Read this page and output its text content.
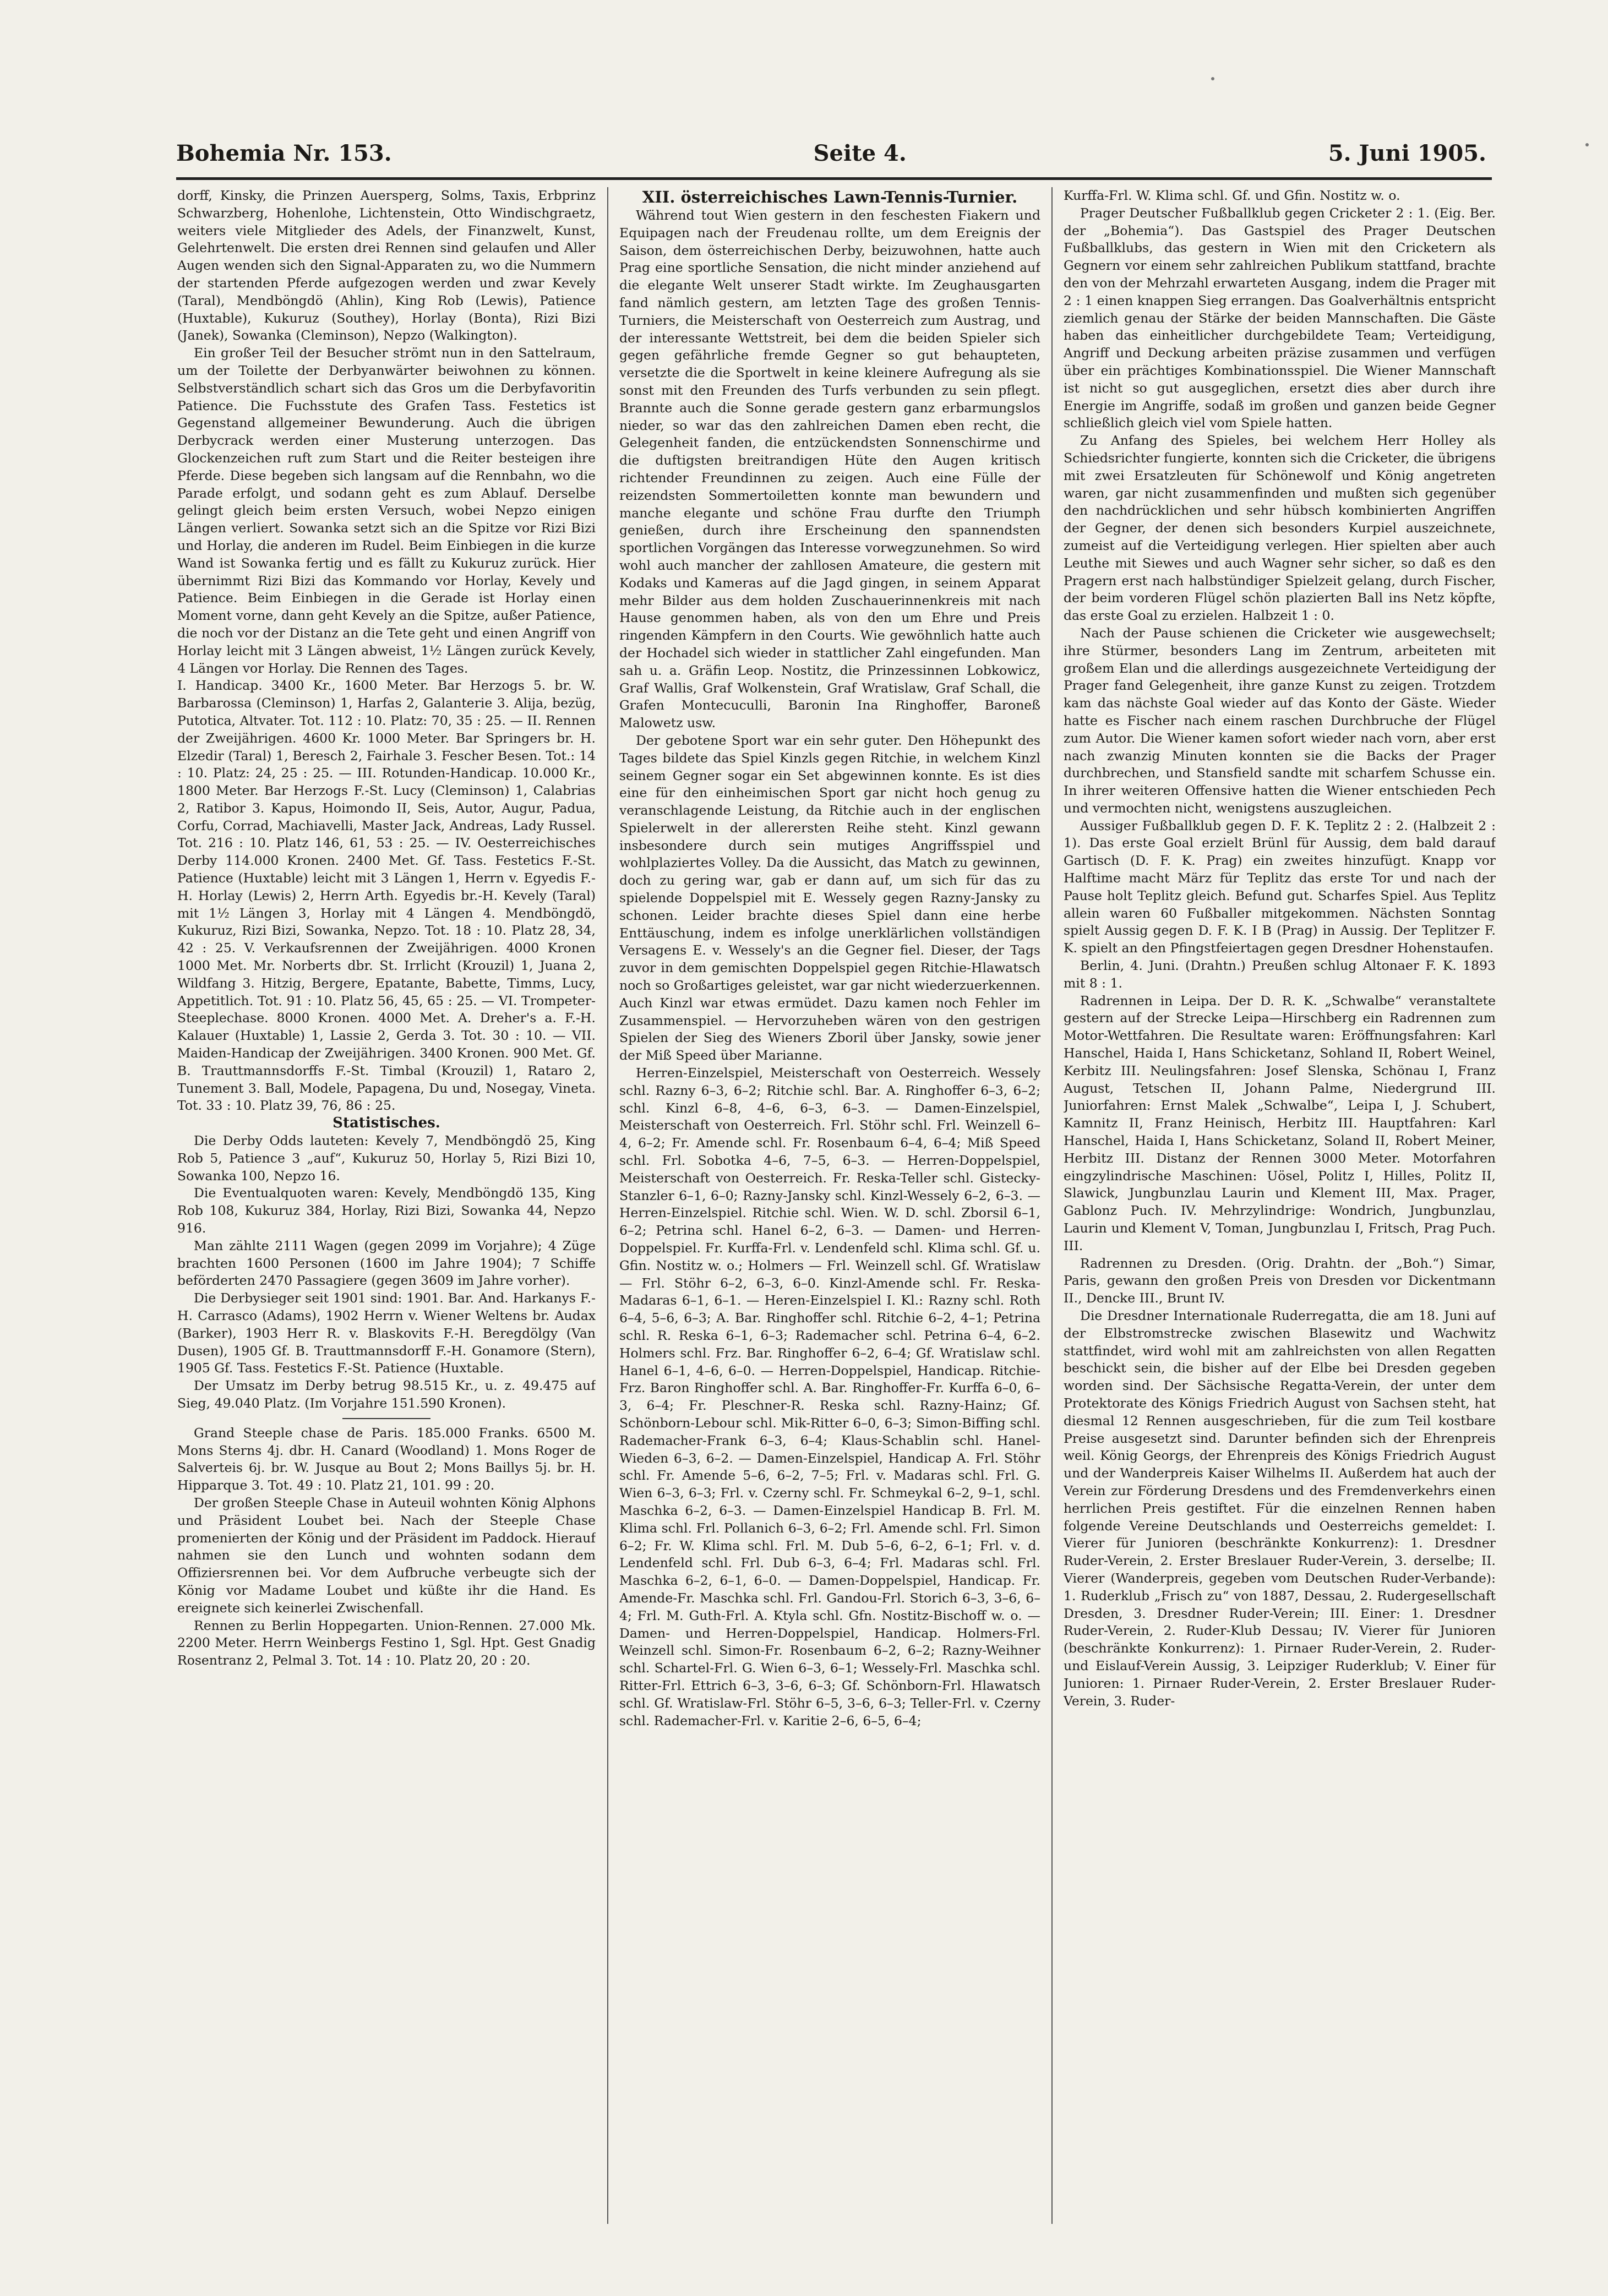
Bohemia Nr. 153.	Seite 4.	5. Juni 1905.

dorff, Kinsky, die Prinzen Auersperg, Solms, Taxis, Erbprinz Schwarzberg, Hohenlohe, Lichtenstein, Otto Windischgraetz, weiters viele Mitglieder des Adels, der Finanzwelt, Kunst, Gelehrtenwelt. Die ersten drei Rennen sind gelaufen und Aller Augen wenden sich den Signal-Apparaten zu, wo die Nummern der startenden Pferde aufgezogen werden und zwar Kevely (Taral), Mendböngdö (Ahlin), King Rob (Lewis), Patience (Huxtable), Kukuruz (Southey), Horlay (Bonta), Rizi Bizi (Janek), Sowanka (Cleminson), Nepzo (Walkington).

Ein großer Teil der Besucher strömt nun in den Sattelraum, um der Toilette der Derbyanwärter beiwohnen zu können. Selbstverständlich schart sich das Gros um die Derbyfavoritin Patience. Die Fuchsstute des Grafen Tass. Festetics ist Gegenstand allgemeiner Bewunderung. Auch die übrigen Derbycrack werden einer Musterung unterzogen. Das Glockenzeichen ruft zum Start und die Reiter besteigen ihre Pferde. Diese begeben sich langsam auf die Rennbahn, wo die Parade erfolgt, und sodann geht es zum Ablauf. Derselbe gelingt gleich beim ersten Versuch, wobei Nepzo einigen Längen verliert. Sowanka setzt sich an die Spitze vor Rizi Bizi und Horlay, die anderen im Rudel. Beim Einbiegen in die kurze Wand ist Sowanka fertig und es fällt zu Kukuruz zurück. Hier übernimmt Rizi Bizi das Kommando vor Horlay, Kevely und Patience. Beim Einbiegen in die Gerade ist Horlay einen Moment vorne, dann geht Kevely an die Spitze, außer Patience, die noch vor der Distanz an die Tete geht und einen Angriff von Horlay leicht mit 3 Längen abweist, 1½ Längen zurück Kevely, 4 Längen vor Horlay. Die Rennen des Tages.

I. Handicap. 3400 Kr., 1600 Meter. Bar Herzogs 5. br. W. Barbarossa (Cleminson) 1, Harfas 2, Galanterie 3. Alija, bezüg, Putotica, Altvater. Tot. 112 : 10. Platz: 70, 35 : 25. — II. Rennen der Zweijährigen. 4600 Kr. 1000 Meter. Bar Springers br. H. Elzedir (Taral) 1, Beresch 2, Fairhale 3. Fescher Besen. Tot.: 14 : 10. Platz: 24, 25 : 25. — III. Rotunden-Handicap. 10.000 Kr., 1800 Meter. Bar Herzogs F.-St. Lucy (Cleminson) 1, Calabrias 2, Ratibor 3. Kapus, Hoimondo II, Seis, Autor, Augur, Padua, Corfu, Corrad, Machiavelli, Master Jack, Andreas, Lady Russel. Tot. 216 : 10. Platz 146, 61, 53 : 25. — IV. Oesterreichisches Derby 114.000 Kronen. 2400 Met. Gf. Tass. Festetics F.-St. Patience (Huxtable) leicht mit 3 Längen 1, Herrn v. Egyedis F.-H. Horlay (Lewis) 2, Herrn Arth. Egyedis br.-H. Kevely (Taral) mit 1½ Längen 3, Horlay mit 4 Längen 4. Mendböngdö, Kukuruz, Rizi Bizi, Sowanka, Nepzo. Tot. 18 : 10. Platz 28, 34, 42 : 25. V. Verkaufsrennen der Zweijährigen. 4000 Kronen 1000 Met. Mr. Norberts dbr. St. Irrlicht (Krouzil) 1, Juana 2, Wildfang 3. Hitzig, Bergere, Epatante, Babette, Timms, Lucy, Appetitlich. Tot. 91 : 10. Platz 56, 45, 65 : 25. — VI. Trompeter-Steeplechase. 8000 Kronen. 4000 Met. A. Dreher's a. F.-H. Kalauer (Huxtable) 1, Lassie 2, Gerda 3. Tot. 30 : 10. — VII. Maiden-Handicap der Zweijährigen. 3400 Kronen. 900 Met. Gf. B. Trauttmannsdorffs F.-St. Timbal (Krouzil) 1, Rataro 2, Tunement 3. Ball, Modele, Papagena, Du und, Nosegay, Vineta. Tot. 33 : 10. Platz 39, 76, 86 : 25.

Statistisches.

Die Derby Odds lauteten: Kevely 7, Mendböngdö 25, King Rob 5, Patience 3 „auf“, Kukuruz 50, Horlay 5, Rizi Bizi 10, Sowanka 100, Nepzo 16.

Die Eventualquoten waren: Kevely, Mendböngdö 135, King Rob 108, Kukuruz 384, Horlay, Rizi Bizi, Sowanka 44, Nepzo 916.

Man zählte 2111 Wagen (gegen 2099 im Vorjahre); 4 Züge brachten 1600 Personen (1600 im Jahre 1904); 7 Schiffe beförderten 2470 Passagiere (gegen 3609 im Jahre vorher).

Die Derbysieger seit 1901 sind: 1901. Bar. And. Harkanys F.-H. Carrasco (Adams), 1902 Herrn v. Wiener Weltens br. Audax (Barker), 1903 Herr R. v. Blaskovits F.-H. Beregdölgy (Van Dusen), 1905 Gf. B. Trauttmannsdorff F.-H. Gonamore (Stern), 1905 Gf. Tass. Festetics F.-St. Patience (Huxtable.

Der Umsatz im Derby betrug 98.515 Kr., u. z. 49.475 auf Sieg, 49.040 Platz. (Im Vorjahre 151.590 Kronen).

Grand Steeple chase de Paris. 185.000 Franks. 6500 M. Mons Sterns 4j. dbr. H. Canard (Woodland) 1. Mons Roger de Salverteis 6j. br. W. Jusque au Bout 2; Mons Baillys 5j. br. H. Hipparque 3. Tot. 49 : 10. Platz 21, 101. 99 : 20.

Der großen Steeple Chase in Auteuil wohnten König Alphons und Präsident Loubet bei. Nach der Steeple Chase promenierten der König und der Präsident im Paddock. Hierauf nahmen sie den Lunch und wohnten sodann dem Offiziersrennen bei. Vor dem Aufbruche verbeugte sich der König vor Madame Loubet und küßte ihr die Hand. Es ereignete sich keinerlei Zwischenfall.

Rennen zu Berlin Hoppegarten. Union-Rennen. 27.000 Mk. 2200 Meter. Herrn Weinbergs Festino 1, Sgl. Hpt. Gest Gnadig Rosentranz 2, Pelmal 3. Tot. 14 : 10. Platz 20, 20 : 20.

XII. österreichisches Lawn-Tennis-Turnier.

Während tout Wien gestern in den feschesten Fiakern und Equipagen nach der Freudenau rollte, um dem Ereignis der Saison, dem österreichischen Derby, beizuwohnen, hatte auch Prag eine sportliche Sensation, die nicht minder anziehend auf die elegante Welt unserer Stadt wirkte. Im Zeughausgarten fand nämlich gestern, am letzten Tage des großen Tennis-Turniers, die Meisterschaft von Oesterreich zum Austrag, und der interessante Wettstreit, bei dem die beiden Spieler sich gegen gefährliche fremde Gegner so gut behaupteten, versetzte die die Sportwelt in keine kleinere Aufregung als sie sonst mit den Freunden des Turfs verbunden zu sein pflegt. Brannte auch die Sonne gerade gestern ganz erbarmungslos nieder, so war das den zahlreichen Damen eben recht, die Gelegenheit fanden, die entzückendsten Sonnenschirme und die duftigsten breitrandigen Hüte den Augen kritisch richtender Freundinnen zu zeigen. Auch eine Fülle der reizendsten Sommertoiletten konnte man bewundern und manche elegante und schöne Frau durfte den Triumph genießen, durch ihre Erscheinung den spannendsten sportlichen Vorgängen das Interesse vorwegzunehmen. So wird wohl auch mancher der zahllosen Amateure, die gestern mit Kodaks und Kameras auf die Jagd gingen, in seinem Apparat mehr Bilder aus dem holden Zuschauerinnenkreis mit nach Hause genommen haben, als von den um Ehre und Preis ringenden Kämpfern in den Courts. Wie gewöhnlich hatte auch der Hochadel sich wieder in stattlicher Zahl eingefunden. Man sah u. a. Gräfin Leop. Nostitz, die Prinzessinnen Lobkowicz, Graf Wallis, Graf Wolkenstein, Graf Wratislaw, Graf Schall, die Grafen Montecuculli, Baronin Ina Ringhoffer, Baroneß Malowetz usw.

Der gebotene Sport war ein sehr guter. Den Höhepunkt des Tages bildete das Spiel Kinzls gegen Ritchie, in welchem Kinzl seinem Gegner sogar ein Set abgewinnen konnte. Es ist dies eine für den einheimischen Sport gar nicht hoch genug zu veranschlagende Leistung, da Ritchie auch in der englischen Spielerwelt in der allerersten Reihe steht. Kinzl gewann insbesondere durch sein mutiges Angriffsspiel und wohlplaziertes Volley. Da die Aussicht, das Match zu gewinnen, doch zu gering war, gab er dann auf, um sich für das zu spielende Doppelspiel mit E. Wessely gegen Razny-Jansky zu schonen. Leider brachte dieses Spiel dann eine herbe Enttäuschung, indem es infolge unerklärlichen vollständigen Versagens E. v. Wessely's an die Gegner fiel. Dieser, der Tags zuvor in dem gemischten Doppelspiel gegen Ritchie-Hlawatsch noch so Großartiges geleistet, war gar nicht wiederzuerkennen. Auch Kinzl war etwas ermüdet. Dazu kamen noch Fehler im Zusammenspiel. — Hervorzuheben wären von den gestrigen Spielen der Sieg des Wieners Zboril über Jansky, sowie jener der Miß Speed über Marianne.

Herren-Einzelspiel, Meisterschaft von Oesterreich. Wessely schl. Razny 6–3, 6–2; Ritchie schl. Bar. A. Ringhoffer 6–3, 6–2; schl. Kinzl 6–8, 4–6, 6–3, 6–3. — Damen-Einzelspiel, Meisterschaft von Oesterreich. Frl. Stöhr schl. Frl. Weinzell 6–4, 6–2; Fr. Amende schl. Fr. Rosenbaum 6–4, 6–4; Miß Speed schl. Frl. Sobotka 4–6, 7–5, 6–3. — Herren-Doppelspiel, Meisterschaft von Oesterreich. Fr. Reska-Teller schl. Gistecky-Stanzler 6–1, 6–0; Razny-Jansky schl. Kinzl-Wessely 6–2, 6–3. — Herren-Einzelspiel. Ritchie schl. Wien. W. D. schl. Zborsil 6–1, 6–2; Petrina schl. Hanel 6–2, 6–3. — Damen- und Herren-Doppelspiel. Fr. Kurffa-Frl. v. Lendenfeld schl. Klima schl. Gf. u. Gfin. Nostitz w. o.; Holmers — Frl. Weinzell schl. Gf. Wratislaw — Frl. Stöhr 6–2, 6–3, 6–0. Kinzl-Amende schl. Fr. Reska-Madaras 6–1, 6–1. — Heren-Einzelspiel I. Kl.: Razny schl. Roth 6–4, 5–6, 6–3; A. Bar. Ringhoffer schl. Ritchie 6–2, 4–1; Petrina schl. R. Reska 6–1, 6–3; Rademacher schl. Petrina 6–4, 6–2. Holmers schl. Frz. Bar. Ringhoffer 6–2, 6–4; Gf. Wratislaw schl. Hanel 6–1, 4–6, 6–0. — Herren-Doppelspiel, Handicap. Ritchie-Frz. Baron Ringhoffer schl. A. Bar. Ringhoffer-Fr. Kurffa 6–0, 6–3, 6–4; Fr. Pleschner-R. Reska schl. Razny-Hainz; Gf. Schönborn-Lebour schl. Mik-Ritter 6–0, 6–3; Simon-Biffing schl. Rademacher-Frank 6–3, 6–4; Klaus-Schablin schl. Hanel-Wieden 6–3, 6–2. — Damen-Einzelspiel, Handicap A. Frl. Stöhr schl. Fr. Amende 5–6, 6–2, 7–5; Frl. v. Madaras schl. Frl. G. Wien 6–3, 6–3; Frl. v. Czerny schl. Fr. Schmeykal 6–2, 9–1, schl. Maschka 6–2, 6–3. — Damen-Einzelspiel Handicap B. Frl. M. Klima schl. Frl. Pollanich 6–3, 6–2; Frl. Amende schl. Frl. Simon 6–2; Fr. W. Klima schl. Frl. M. Dub 5–6, 6–2, 6–1; Frl. v. d. Lendenfeld schl. Frl. Dub 6–3, 6–4; Frl. Madaras schl. Frl. Maschka 6–2, 6–1, 6–0. — Damen-Doppelspiel, Handicap. Fr. Amende-Fr. Maschka schl. Frl. Gandou-Frl. Storich 6–3, 3–6, 6–4; Frl. M. Guth-Frl. A. Ktyla schl. Gfn. Nostitz-Bischoff w. o. — Damen- und Herren-Doppelspiel, Handicap. Holmers-Frl. Weinzell schl. Simon-Fr. Rosenbaum 6–2, 6–2; Razny-Weihner schl. Schartel-Frl. G. Wien 6–3, 6–1; Wessely-Frl. Maschka schl. Ritter-Frl. Ettrich 6–3, 3–6, 6–3; Gf. Schönborn-Frl. Hlawatsch schl. Gf. Wratislaw-Frl. Stöhr 6–5, 3–6, 6–3; Teller-Frl. v. Czerny schl. Rademacher-Frl. v. Karitie 2–6, 6–5, 6–4;

Kurffa-Frl. W. Klima schl. Gf. und Gfin. Nostitz w. o.

Prager Deutscher Fußballklub gegen Cricketer 2 : 1. (Eig. Ber. der „Bohemia“). Das Gastspiel des Prager Deutschen Fußballklubs, das gestern in Wien mit den Cricketern als Gegnern vor einem sehr zahlreichen Publikum stattfand, brachte den von der Mehrzahl erwarteten Ausgang, indem die Prager mit 2 : 1 einen knappen Sieg errangen. Das Goalverhältnis entspricht ziemlich genau der Stärke der beiden Mannschaften. Die Gäste haben das einheitlicher durchgebildete Team; Verteidigung, Angriff und Deckung arbeiten präzise zusammen und verfügen über ein prächtiges Kombinationsspiel. Die Wiener Mannschaft ist nicht so gut ausgeglichen, ersetzt dies aber durch ihre Energie im Angriffe, sodaß im großen und ganzen beide Gegner schließlich gleich viel vom Spiele hatten.

Zu Anfang des Spieles, bei welchem Herr Holley als Schiedsrichter fungierte, konnten sich die Cricketer, die übrigens mit zwei Ersatzleuten für Schönewolf und König angetreten waren, gar nicht zusammenfinden und mußten sich gegenüber den nachdrücklichen und sehr hübsch kombinierten Angriffen der Gegner, der denen sich besonders Kurpiel auszeichnete, zumeist auf die Verteidigung verlegen. Hier spielten aber auch Leuthe mit Siewes und auch Wagner sehr sicher, so daß es den Pragern erst nach halbstündiger Spielzeit gelang, durch Fischer, der beim vorderen Flügel schön plazierten Ball ins Netz köpfte, das erste Goal zu erzielen. Halbzeit 1 : 0.

Nach der Pause schienen die Cricketer wie ausgewechselt; ihre Stürmer, besonders Lang im Zentrum, arbeiteten mit großem Elan und die allerdings ausgezeichnete Verteidigung der Prager fand Gelegenheit, ihre ganze Kunst zu zeigen. Trotzdem kam das nächste Goal wieder auf das Konto der Gäste. Wieder hatte es Fischer nach einem raschen Durchbruche der Flügel zum Autor. Die Wiener kamen sofort wieder nach vorn, aber erst nach zwanzig Minuten konnten sie die Backs der Prager durchbrechen, und Stansfield sandte mit scharfem Schusse ein. In ihrer weiteren Offensive hatten die Wiener entschieden Pech und vermochten nicht, wenigstens auszugleichen.

Aussiger Fußballklub gegen D. F. K. Teplitz 2 : 2. (Halbzeit 2 : 1). Das erste Goal erzielt Brünl für Aussig, dem bald darauf Gartisch (D. F. K. Prag) ein zweites hinzufügt. Knapp vor Halftime macht März für Teplitz das erste Tor und nach der Pause holt Teplitz gleich. Befund gut. Scharfes Spiel. Aus Teplitz allein waren 60 Fußballer mitgekommen. Nächsten Sonntag spielt Aussig gegen D. F. K. I B (Prag) in Aussig. Der Teplitzer F. K. spielt an den Pfingstfeiertagen gegen Dresdner Hohenstaufen.

Berlin, 4. Juni. (Drahtn.) Preußen schlug Altonaer F. K. 1893 mit 8 : 1.

Radrennen in Leipa. Der D. R. K. „Schwalbe“ veranstaltete gestern auf der Strecke Leipa—Hirschberg ein Radrennen zum Motor-Wettfahren. Die Resultate waren: Eröffnungsfahren: Karl Hanschel, Haida I, Hans Schicketanz, Sohland II, Robert Weinel, Kerbitz III. Neulingsfahren: Josef Slenska, Schönau I, Franz August, Tetschen II, Johann Palme, Niedergrund III. Juniorfahren: Ernst Malek „Schwalbe“, Leipa I, J. Schubert, Kamnitz II, Franz Heinisch, Herbitz III. Hauptfahren: Karl Hanschel, Haida I, Hans Schicketanz, Soland II, Robert Meiner, Herbitz III. Distanz der Rennen 3000 Meter. Motorfahren eingzylindrische Maschinen: Uösel, Politz I, Hilles, Politz II, Slawick, Jungbunzlau Laurin und Klement III, Max. Prager, Gablonz Puch. IV. Mehrzylindrige: Wondrich, Jungbunzlau, Laurin und Klement V, Toman, Jungbunzlau I, Fritsch, Prag Puch. III.

Radrennen zu Dresden. (Orig. Drahtn. der „Boh.“) Simar, Paris, gewann den großen Preis von Dresden vor Dickentmann II., Dencke III., Brunt IV.

Die Dresdner Internationale Ruderregatta, die am 18. Juni auf der Elbstromstrecke zwischen Blasewitz und Wachwitz stattfindet, wird wohl mit am zahlreichsten von allen Regatten beschickt sein, die bisher auf der Elbe bei Dresden gegeben worden sind. Der Sächsische Regatta-Verein, der unter dem Protektorate des Königs Friedrich August von Sachsen steht, hat diesmal 12 Rennen ausgeschrieben, für die zum Teil kostbare Preise ausgesetzt sind. Darunter befinden sich der Ehrenpreis weil. König Georgs, der Ehrenpreis des Königs Friedrich August und der Wanderpreis Kaiser Wilhelms II. Außerdem hat auch der Verein zur Förderung Dresdens und des Fremdenverkehrs einen herrlichen Preis gestiftet. Für die einzelnen Rennen haben folgende Vereine Deutschlands und Oesterreichs gemeldet: I. Vierer für Junioren (beschränkte Konkurrenz): 1. Dresdner Ruder-Verein, 2. Erster Breslauer Ruder-Verein, 3. derselbe; II. Vierer (Wanderpreis, gegeben vom Deutschen Ruder-Verbande): 1. Ruderklub „Frisch zu“ von 1887, Dessau, 2. Rudergesellschaft Dresden, 3. Dresdner Ruder-Verein; III. Einer: 1. Dresdner Ruder-Verein, 2. Ruder-Klub Dessau; IV. Vierer für Junioren (beschränkte Konkurrenz): 1. Pirnaer Ruder-Verein, 2. Ruder- und Eislauf-Verein Aussig, 3. Leipziger Ruderklub; V. Einer für Junioren: 1. Pirnaer Ruder-Verein, 2. Erster Breslauer Ruder-Verein, 3. Ruder-
